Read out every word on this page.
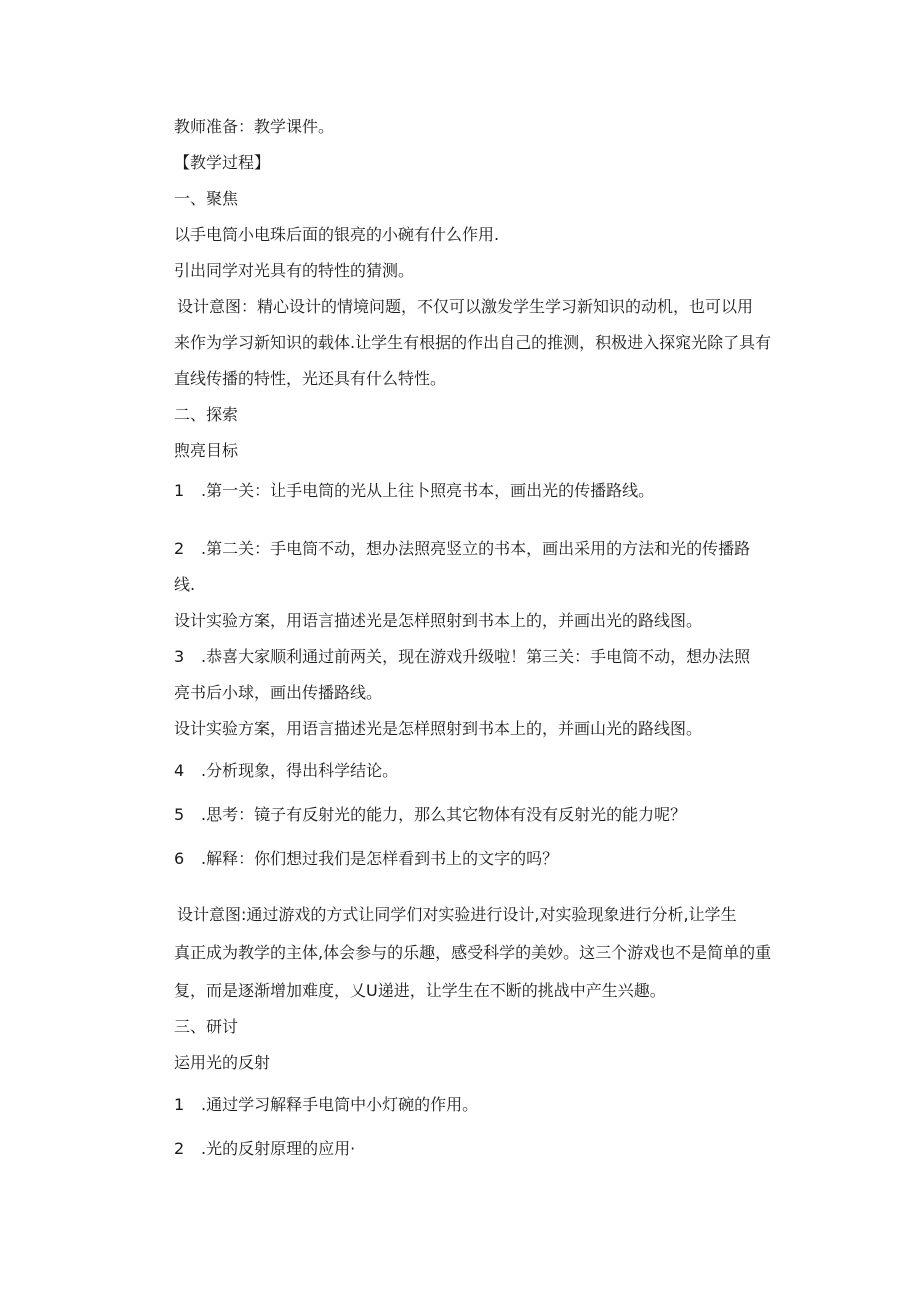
教师准备：教学课件。
【教学过程】
一、聚焦
以手电筒小电珠后面的银亮的小碗有什么作用.
引出同学对光具有的特性的猜测。
设计意图：精心设计的情境问题，不仅可以激发学生学习新知识的动机，也可以用
来作为学习新知识的载体.让学生有根据的作出自己的推测，积极进入探窕光除了具有
直线传播的特性，光还具有什么特性。
二、探索
煦亮目标
1 .第一关：让手电筒的光从上往卜照亮书本，画出光的传播路线。
2 .第二关：手电筒不动，想办法照亮竖立的书本，画出采用的方法和光的传播路
线.
设计实验方案，用语言描述光是怎样照射到书本上的，并画出光的路线图。
3 .恭喜大家顺利通过前两关，现在游戏升级啦！第三关：手电筒不动，想办法照
亮书后小球，画出传播路线。
设计实验方案，用语言描述光是怎样照射到书本上的，并画山光的路线图。
4 .分析现象，得出科学结论。
5 .思考：镜子有反射光的能力，那么其它物体有没有反射光的能力呢？
6 .解释：你们想过我们是怎样看到书上的文字的吗？
设计意图:通过游戏的方式让同学们对实验进行设计,对实验现象进行分析,让学生
真正成为教学的主体,体会参与的乐趣，感受科学的美妙。这三个游戏也不是简单的重
复，而是逐渐增加难度，乂U递进，让学生在不断的挑战中产生兴趣。
三、研讨
运用光的反射
1 .通过学习解释手电筒中小灯碗的作用。
2 .光的反射原理的应用·
